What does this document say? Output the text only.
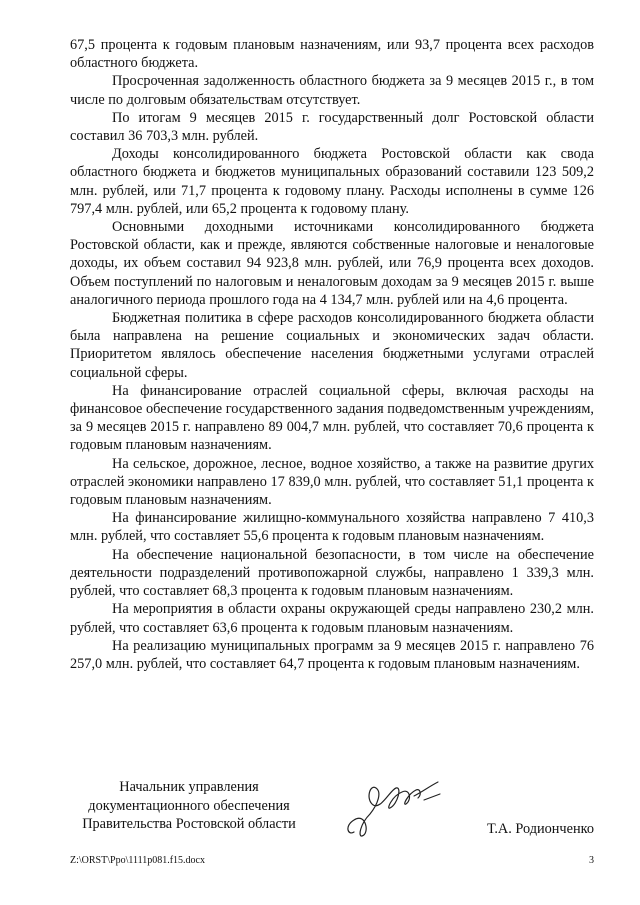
67,5 процента к годовым плановым назначениям, или 93,7 процента всех расходов областного бюджета.

Просроченная задолженность областного бюджета за 9 месяцев 2015 г., в том числе по долговым обязательствам отсутствует.

По итогам 9 месяцев 2015 г. государственный долг Ростовской области составил 36 703,3 млн. рублей.

Доходы консолидированного бюджета Ростовской области как свода областного бюджета и бюджетов муниципальных образований составили 123 509,2 млн. рублей, или 71,7 процента к годовому плану. Расходы исполнены в сумме 126 797,4 млн. рублей, или 65,2 процента к годовому плану.

Основными доходными источниками консолидированного бюджета Ростовской области, как и прежде, являются собственные налоговые и неналоговые доходы, их объем составил 94 923,8 млн. рублей, или 76,9 процента всех доходов. Объем поступлений по налоговым и неналоговым доходам за 9 месяцев 2015 г. выше аналогичного периода прошлого года на 4 134,7 млн. рублей или на 4,6 процента.

Бюджетная политика в сфере расходов консолидированного бюджета области была направлена на решение социальных и экономических задач области. Приоритетом являлось обеспечение населения бюджетными услугами отраслей социальной сферы.

На финансирование отраслей социальной сферы, включая расходы на финансовое обеспечение государственного задания подведомственным учреждениям, за 9 месяцев 2015 г. направлено 89 004,7 млн. рублей, что составляет 70,6 процента к годовым плановым назначениям.

На сельское, дорожное, лесное, водное хозяйство, а также на развитие других отраслей экономики направлено 17 839,0 млн. рублей, что составляет 51,1 процента к годовым плановым назначениям.

На финансирование жилищно-коммунального хозяйства направлено 7 410,3 млн. рублей, что составляет 55,6 процента к годовым плановым назначениям.

На обеспечение национальной безопасности, в том числе на обеспечение деятельности подразделений противопожарной службы, направлено 1 339,3 млн. рублей, что составляет 68,3 процента к годовым плановым назначениям.

На мероприятия в области охраны окружающей среды направлено 230,2 млн. рублей, что составляет 63,6 процента к годовым плановым назначениям.

На реализацию муниципальных программ за 9 месяцев 2015 г. направлено 76 257,0 млн. рублей, что составляет 64,7 процента к годовым плановым назначениям.

Начальник управления
документационного обеспечения
Правительства Ростовской области	Т.А. Родионченко
Z:\ORST\Ppo\1111p081.f15.docx	3
